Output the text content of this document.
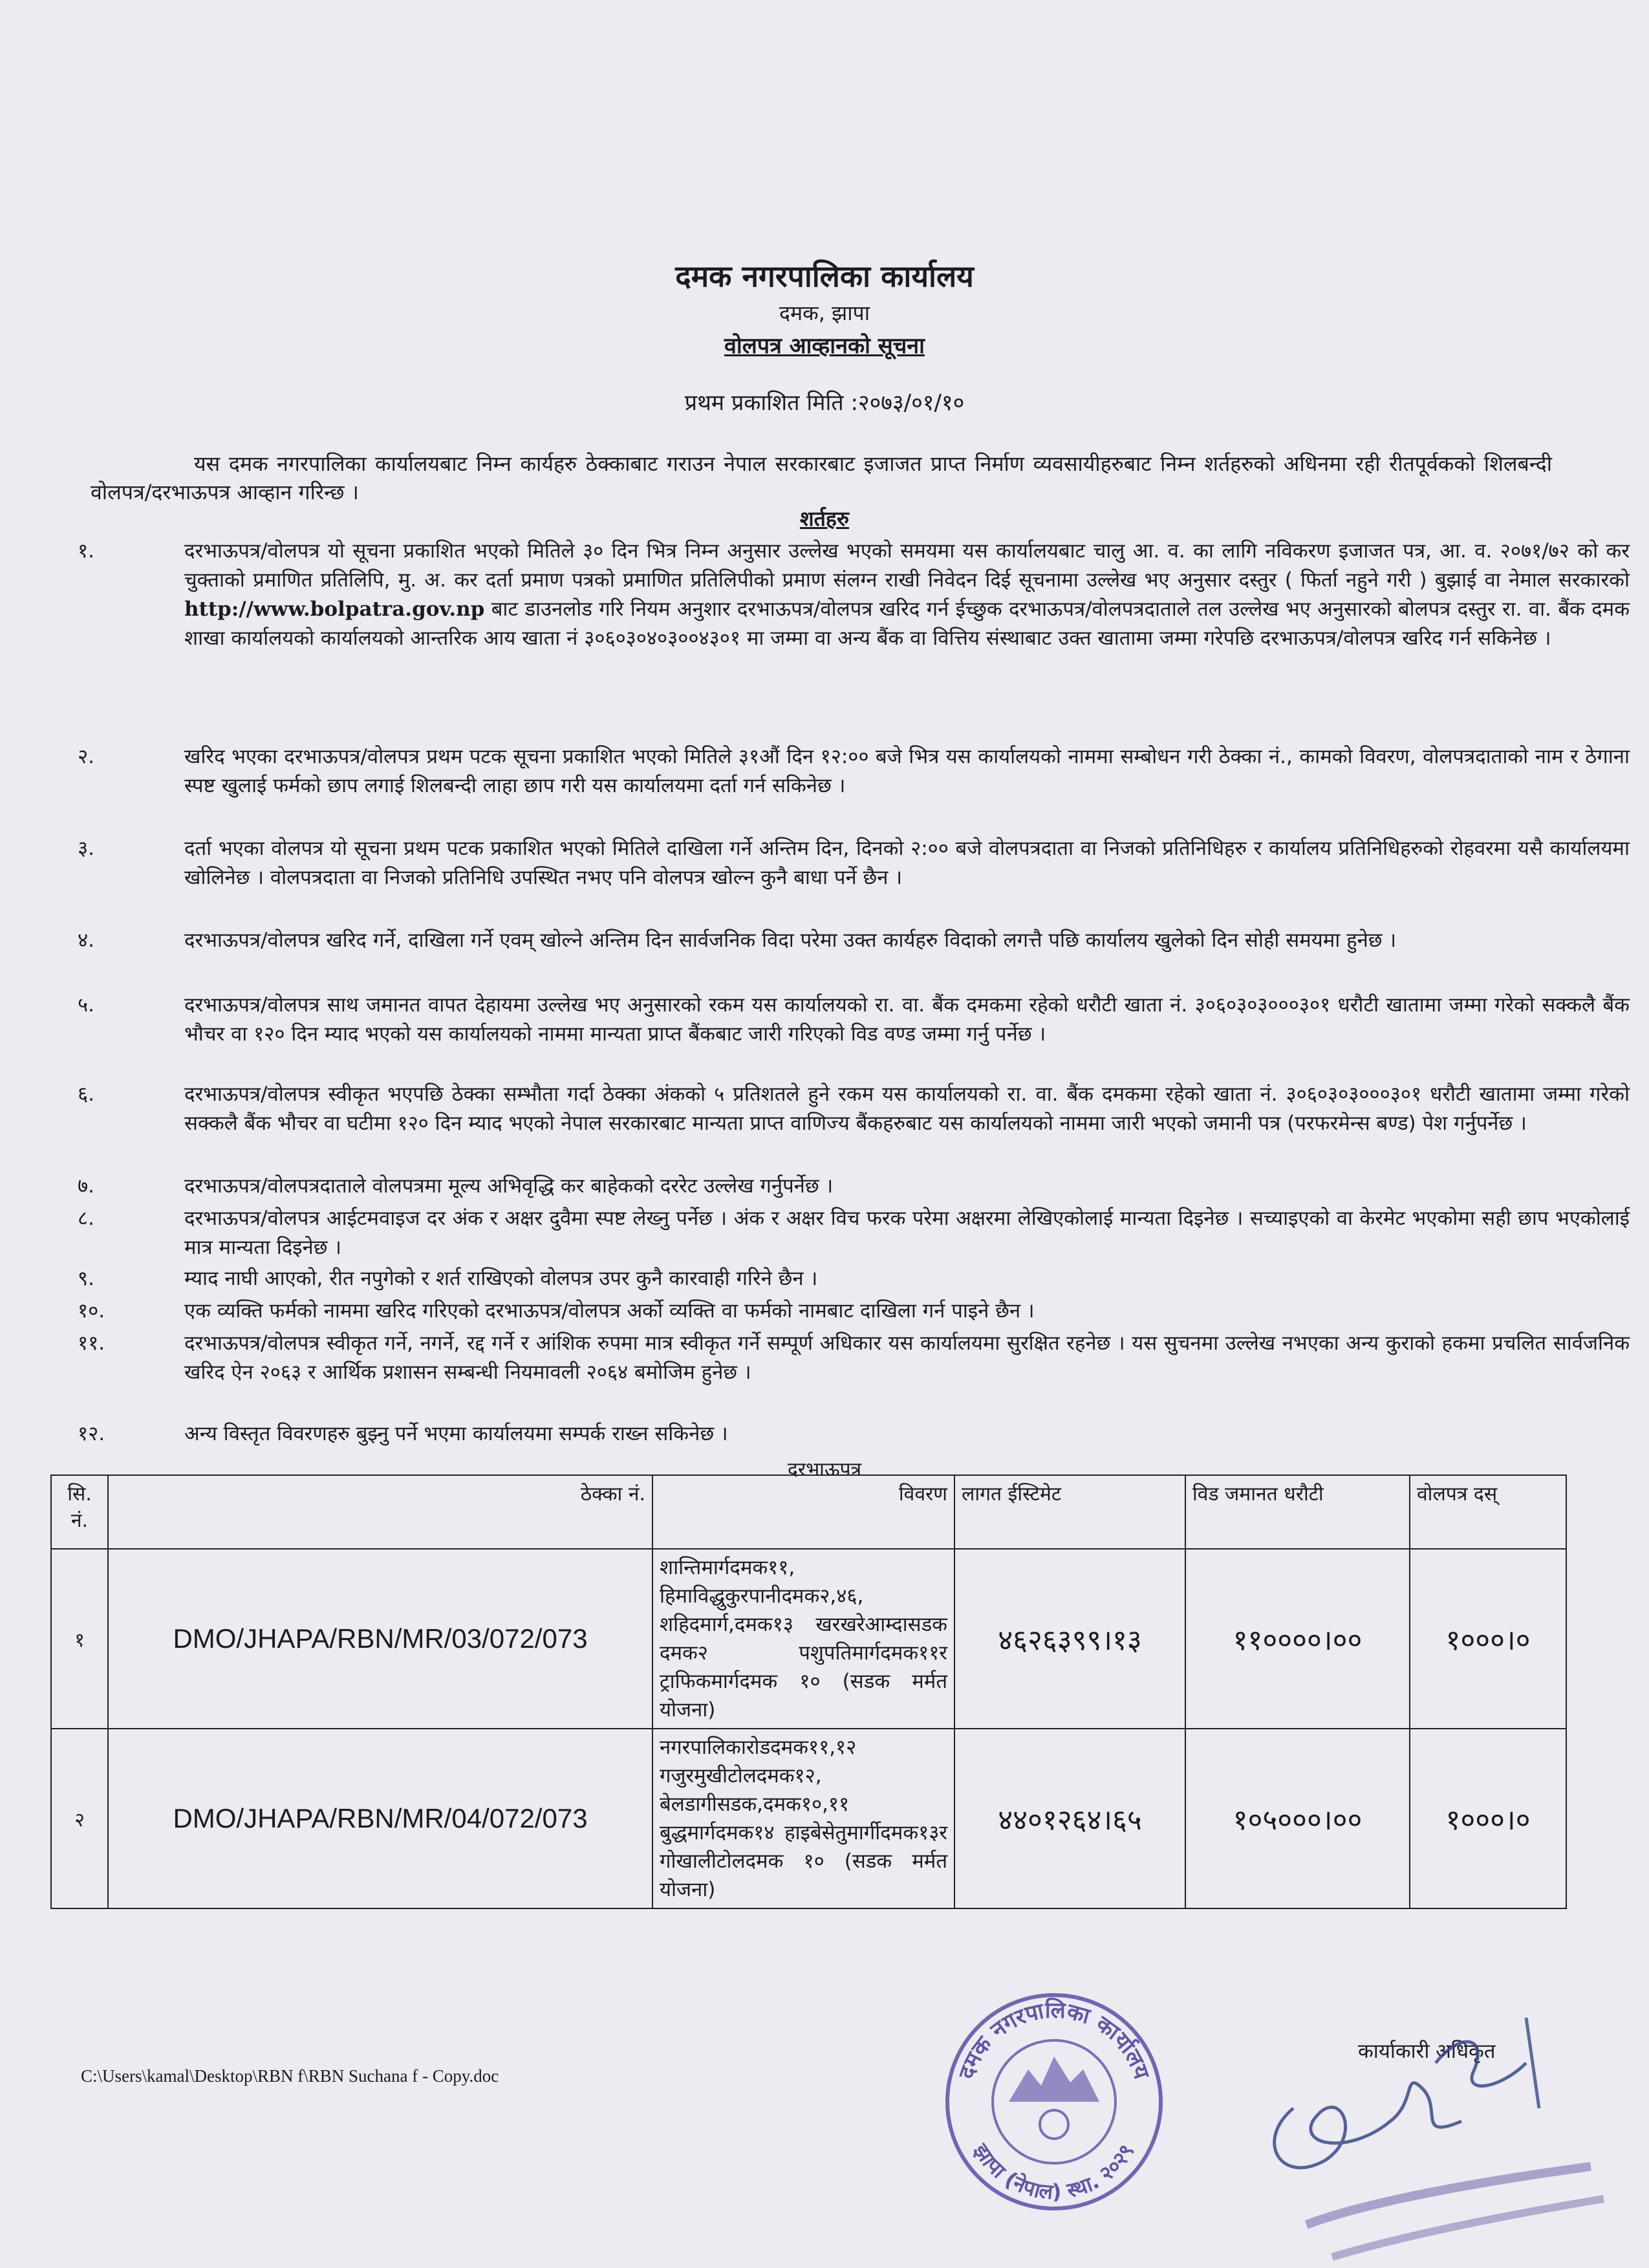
दमक नगरपालिका कार्यालय
दमक, झापा
वोलपत्र आव्हानको सूचना
प्रथम प्रकाशित मिति :२०७३/०१/१०
यस दमक नगरपालिका कार्यालयबाट निम्न कार्यहरु ठेक्काबाट गराउन नेपाल सरकारबाट इजाजत प्राप्त निर्माण व्यवसायीहरुबाट निम्न शर्तहरुको अधिनमा रही रीतपूर्वकको शिलबन्दी वोलपत्र/दरभाऊपत्र आव्हान गरिन्छ ।
शर्तहरु
१.	दरभाऊपत्र/वोलपत्र यो सूचना प्रकाशित भएको मितिले ३० दिन भित्र निम्न अनुसार उल्लेख भएको समयमा यस कार्यालयबाट चालु आ. व. का लागि नविकरण इजाजत पत्र, आ. व. २०७१/७२ को कर चुक्ताको प्रमाणित प्रतिलिपि, मु. अ. कर दर्ता प्रमाण पत्रको प्रमाणित प्रतिलिपीको प्रमाण संलग्न राखी निवेदन दिई सूचनामा उल्लेख भए अनुसार दस्तुर ( फिर्ता नहुने गरी ) बुझाई वा नेमाल सरकारको http://www.bolpatra.gov.np बाट डाउनलोड गरि नियम अनुशार दरभाऊपत्र/वोलपत्र खरिद गर्न ईच्छुक दरभाऊपत्र/वोलपत्रदाताले तल उल्लेख भए अनुसारको बोलपत्र दस्तुर रा. वा. बैंक दमक शाखा कार्यालयको कार्यालयको आन्तरिक आय खाता नं ३०६०३०४०३००४३०१ मा जम्मा वा अन्य बैंक वा वित्तिय संस्थाबाट उक्त खातामा जम्मा गरेपछि दरभाऊपत्र/वोलपत्र खरिद गर्न सकिनेछ ।
२.	खरिद भएका दरभाऊपत्र/वोलपत्र प्रथम पटक सूचना प्रकाशित भएको मितिले ३१औं दिन १२:०० बजे भित्र यस कार्यालयको नाममा सम्बोधन गरी ठेक्का नं., कामको विवरण, वोलपत्रदाताको नाम र ठेगाना स्पष्ट खुलाई फर्मको छाप लगाई शिलबन्दी लाहा छाप गरी यस कार्यालयमा दर्ता गर्न सकिनेछ ।
३.	दर्ता भएका वोलपत्र यो सूचना प्रथम पटक प्रकाशित भएको मितिले दाखिला गर्ने अन्तिम दिन, दिनको २:०० बजे वोलपत्रदाता वा निजको प्रतिनिधिहरु र कार्यालय प्रतिनिधिहरुको रोहवरमा यसै कार्यालयमा खोलिनेछ । वोलपत्रदाता वा निजको प्रतिनिधि उपस्थित नभए पनि वोलपत्र खोल्न कुनै बाधा पर्ने छैन ।
४.	दरभाऊपत्र/वोलपत्र खरिद गर्ने, दाखिला गर्ने एवम् खोल्ने अन्तिम दिन सार्वजनिक विदा परेमा उक्त कार्यहरु विदाको लगत्तै पछि कार्यालय खुलेको दिन सोही समयमा हुनेछ ।
५.	दरभाऊपत्र/वोलपत्र साथ जमानत वापत देहायमा उल्लेख भए अनुसारको रकम यस कार्यालयको रा. वा. बैंक दमकमा रहेको धरौटी खाता नं. ३०६०३०३०००३०१ धरौटी खातामा जम्मा गरेको सक्कलै बैंक भौचर वा १२० दिन म्याद भएको यस कार्यालयको नाममा मान्यता प्राप्त बैंकबाट जारी गरिएको विड वण्ड जम्मा गर्नु पर्नेछ ।
६.	दरभाऊपत्र/वोलपत्र स्वीकृत भएपछि ठेक्का सम्भौता गर्दा ठेक्का अंकको ५ प्रतिशतले हुने रकम यस कार्यालयको रा. वा. बैंक दमकमा रहेको खाता नं. ३०६०३०३०००३०१ धरौटी खातामा जम्मा गरेको सक्कलै बैंक भौचर वा घटीमा १२० दिन म्याद भएको नेपाल सरकारबाट मान्यता प्राप्त वाणिज्य बैंकहरुबाट यस कार्यालयको नाममा जारी भएको जमानी पत्र (परफरमेन्स बण्ड) पेश गर्नुपर्नेछ ।
७.	दरभाऊपत्र/वोलपत्रदाताले वोलपत्रमा मूल्य अभिवृद्धि कर बाहेकको दररेट उल्लेख गर्नुपर्नेछ ।
८.	दरभाऊपत्र/वोलपत्र आईटमवाइज दर अंक र अक्षर दुवैमा स्पष्ट लेख्नु पर्नेछ । अंक र अक्षर विच फरक परेमा अक्षरमा लेखिएकोलाई मान्यता दिइनेछ । सच्याइएको वा केरमेट भएकोमा सही छाप भएकोलाई मात्र मान्यता दिइनेछ ।
९.	म्याद नाघी आएको, रीत नपुगेको र शर्त राखिएको वोलपत्र उपर कुनै कारवाही गरिने छैन ।
१०.	एक व्यक्ति फर्मको नाममा खरिद गरिएको दरभाऊपत्र/वोलपत्र अर्को व्यक्ति वा फर्मको नामबाट दाखिला गर्न पाइने छैन ।
११.	दरभाऊपत्र/वोलपत्र स्वीकृत गर्ने, नगर्ने, रद्द गर्ने र आंशिक रुपमा मात्र स्वीकृत गर्ने सम्पूर्ण अधिकार यस कार्यालयमा सुरक्षित रहनेछ । यस सुचनमा उल्लेख नभएका अन्य कुराको हकमा प्रचलित सार्वजनिक खरिद ऐन २०६३ र आर्थिक प्रशासन सम्बन्धी नियमावली २०६४ बमोजिम हुनेछ ।
१२.	अन्य विस्तृत विवरणहरु बुझ्नु पर्ने भएमा कार्यालयमा सम्पर्क राख्न सकिनेछ ।
दरभाऊपत्र
सि. नं.	ठेक्का नं.	विवरण	लागत ईस्टिमेट	विड जमानत धरौटी	वोलपत्र दस्
१	DMO/JHAPA/RBN/MR/03/072/073	शान्तिमार्गदमक११, हिमाविद्धुकुरपानीदमक२,४६, शहिदमार्ग,दमक१३ खरखरेआम्दासडक दमक२ पशुपतिमार्गदमक११र ट्राफिकमार्गदमक १० (सडक मर्मत योजना)	४६२६३९९।१३	११००००।००	१०००।०
२	DMO/JHAPA/RBN/MR/04/072/073	नगरपालिकारोडदमक११,१२ गजुरमुखीटोलदमक१२, बेलडागीसडक,दमक१०,११ बुद्धमार्गदमक१४ हाइबेसेतुमार्गीदमक१३र गोखालीटोलदमक १० (सडक मर्मत योजना)	४४०१२६४।६५	१०५०००।००	१०००।०
C:\Users\kamal\Desktop\RBN f\RBN Suchana f - Copy.doc	दमक नगरपालिका कार्यालय
झापा (नेपाल) स्था. २०२९
कार्याकारी अधिकृत
